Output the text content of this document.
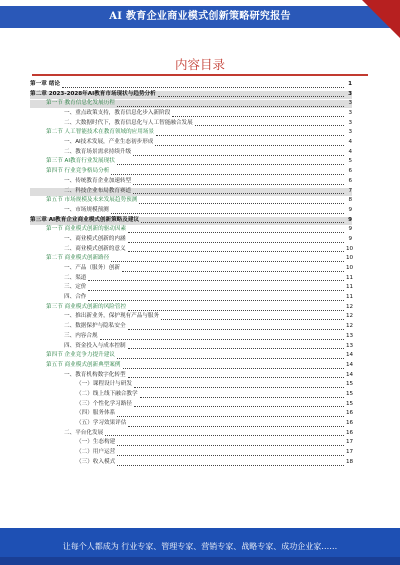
AI 教育企业商业模式创新策略研究报告
内容目录
第一章 绪论	1
第二章 2023-2028年AI教育市场现状与趋势分析	3
第一节 教育信息化发展历程	3
一、重点政策支持，教育信息化步入新阶段	3
二、大数据时代下，教育信息化与人工智能融合发展	3
第二节 人工智能技术在教育领域的应用场景	3
一、AI技术发展，产业生态初步形成	4
二、教育场景需求持续升级	4
第三节 AI教育行业发展现状	5
第四节 行业竞争格局分析	6
一、传统教育企业加速转型	6
二、科技企业布局教育赛道	7
第五节 市场规模及未来发展趋势预测	8
一、市场规模预测	9
第三章 AI教育企业商业模式创新策略及建议	9
第一节 商业模式创新的驱动因素	9
一、商业模式创新的内涵	9
二、商业模式创新的意义	10
第二节 商业模式创新路径	10
一、产品（服务）创新	10
二、渠道	11
三、定价	11
四、合作	11
第三节 商业模式创新的风险管控	12
一、推出新业务，保护现有产品与服务	12
二、数据保护与隐私安全	12
三、内容合规	13
四、资金投入与成本控制	13
第四节 企业竞争力提升建议	14
第五节 商业模式创新典型案例	14
一、教育机构数字化转型	14
（一）课程设计与研发	15
（二）线上线下融合教学	15
（三）个性化学习路径	15
（四）服务体系	16
（五）学习效果评估	16
二、平台化发展	16
（一）生态构建	17
（二）用户运营	17
（三）收入模式	18
让每个人都成为 行业专家、管理专家、营销专家、战略专家、成功企业家……
